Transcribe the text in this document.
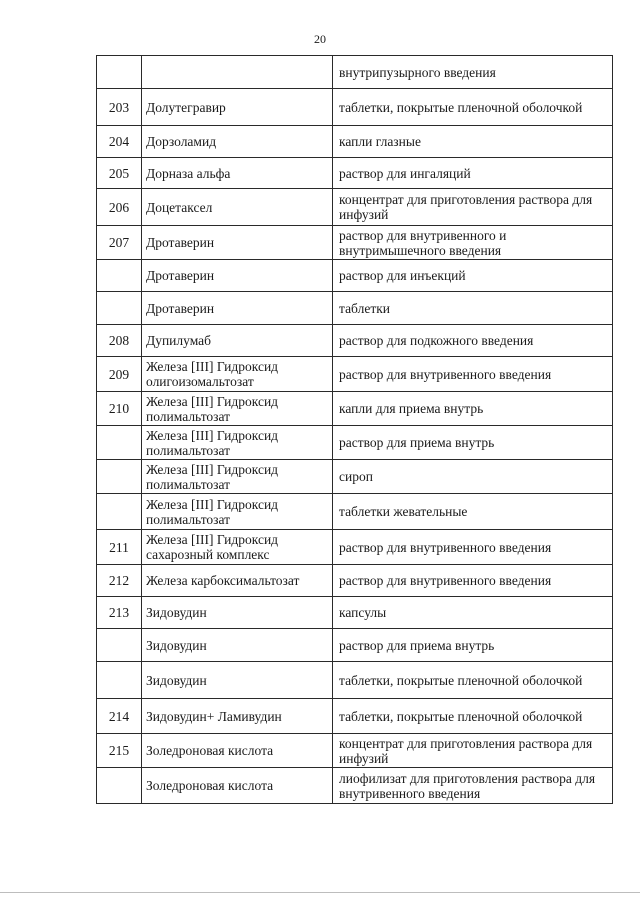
20
		внутрипузырного введения
203	Долутегравир	таблетки, покрытые пленочной оболочкой
204	Дорзоламид	капли глазные
205	Дорназа альфа	раствор для ингаляций
206	Доцетаксел	концентрат для приготовления раствора для инфузий
207	Дротаверин	раствор для внутривенного и внутримышечного введения
	Дротаверин	раствор для инъекций
	Дротаверин	таблетки
208	Дупилумаб	раствор для подкожного введения
209	Железа [III] Гидроксид олигоизомальтозат	раствор для внутривенного введения
210	Железа [III] Гидроксид полимальтозат	капли для приема внутрь
	Железа [III] Гидроксид полимальтозат	раствор для приема внутрь
	Железа [III] Гидроксид полимальтозат	сироп
	Железа [III] Гидроксид полимальтозат	таблетки жевательные
211	Железа [III] Гидроксид сахарозный комплекс	раствор для внутривенного введения
212	Железа карбоксимальтозат	раствор для внутривенного введения
213	Зидовудин	капсулы
	Зидовудин	раствор для приема внутрь
	Зидовудин	таблетки, покрытые пленочной оболочкой
214	Зидовудин+ Ламивудин	таблетки, покрытые пленочной оболочкой
215	Золедроновая кислота	концентрат для приготовления раствора для инфузий
	Золедроновая кислота	лиофилизат для приготовления раствора для внутривенного введения
